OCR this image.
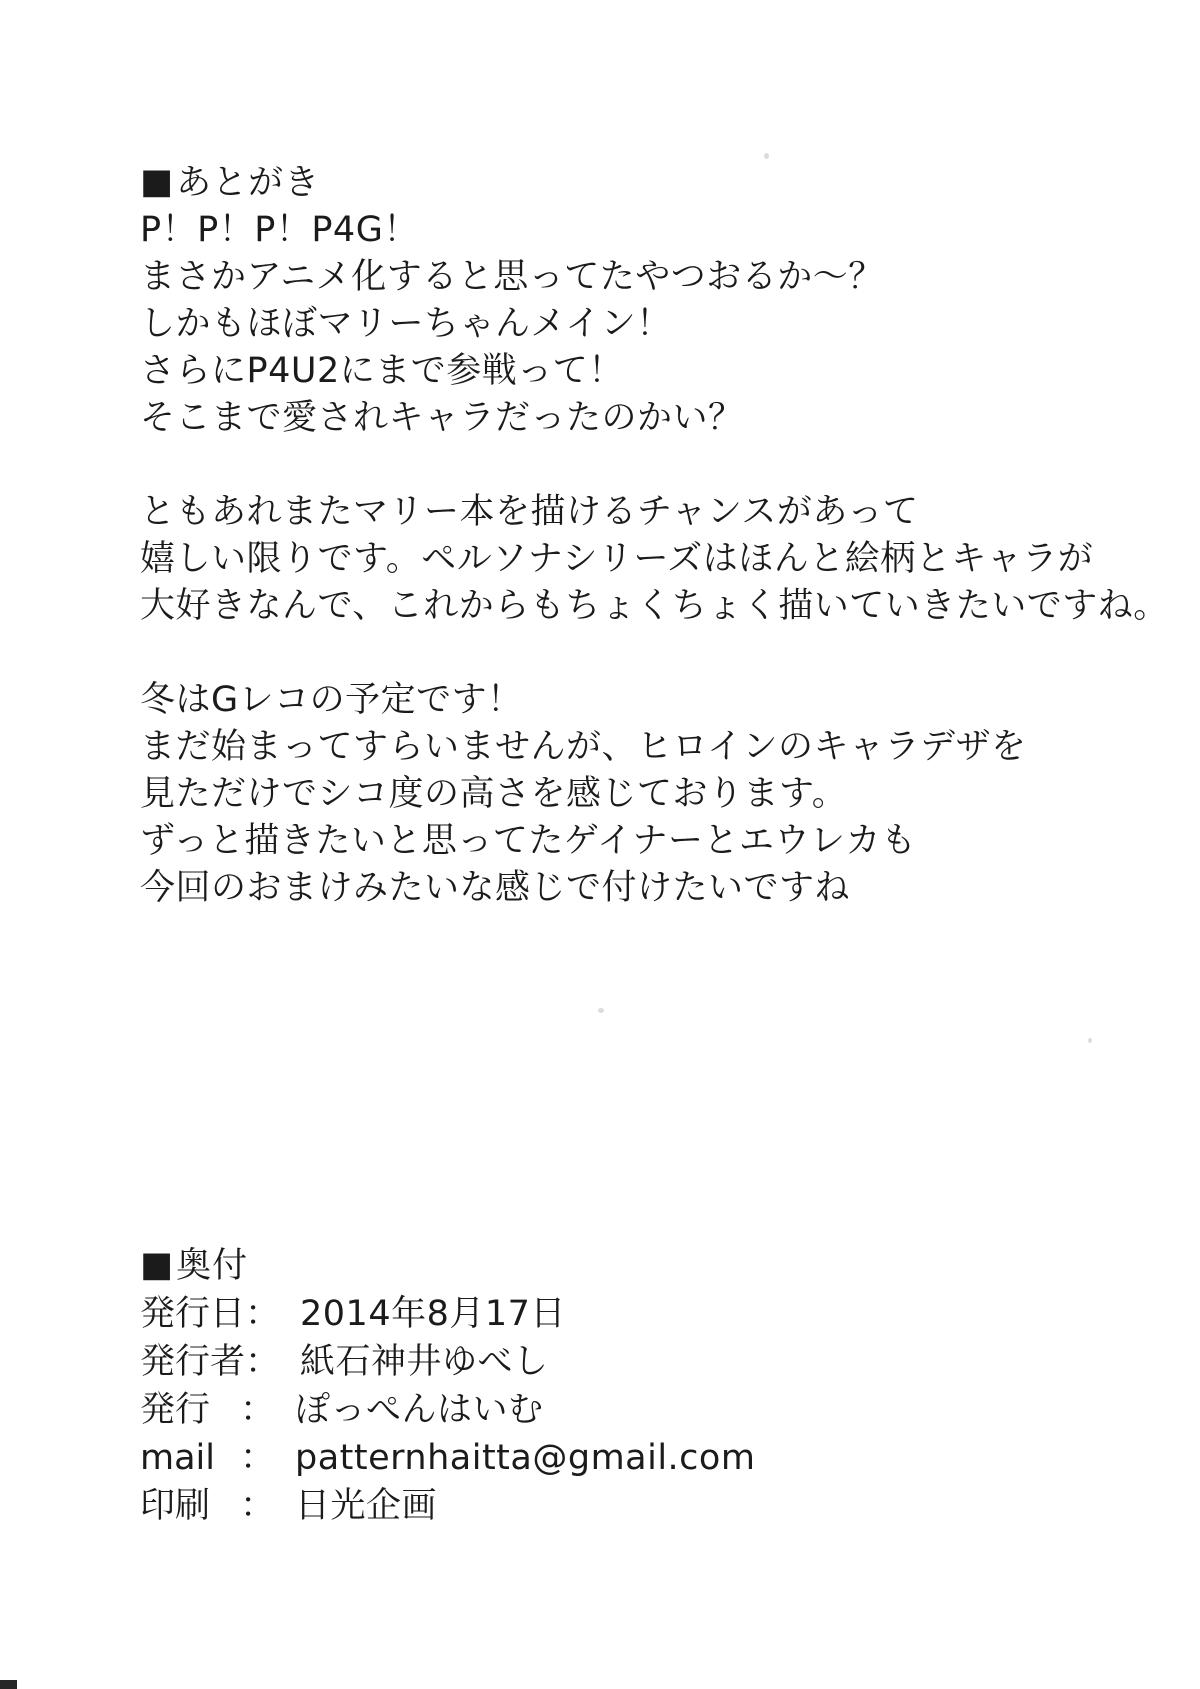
■あとがき

P！P！P！P4G！
まさかアニメ化すると思ってたやつおるか～？
しかもほぼマリーちゃんメイン！
さらにP4U2にまで参戦って！
そこまで愛されキャラだったのかい？

ともあれまたマリー本を描けるチャンスがあって
嬉しい限りです。ペルソナシリーズはほんと絵柄とキャラが
大好きなんで、これからもちょくちょく描いていきたいですね。

冬はGレコの予定です！
まだ始まってすらいませんが、ヒロインのキャラデザを
見ただけでシコ度の高さを感じております。
ずっと描きたいと思ってたゲイナーとエウレカも
今回のおまけみたいな感じで付けたいですね

■奥付
発行日 ： 2014年8月17日
発行者 ： 紙石神井ゆべし
発行 ： ぽっぺんはいむ
mail ： patternhaitta@gmail.com
印刷 ： 日光企画
